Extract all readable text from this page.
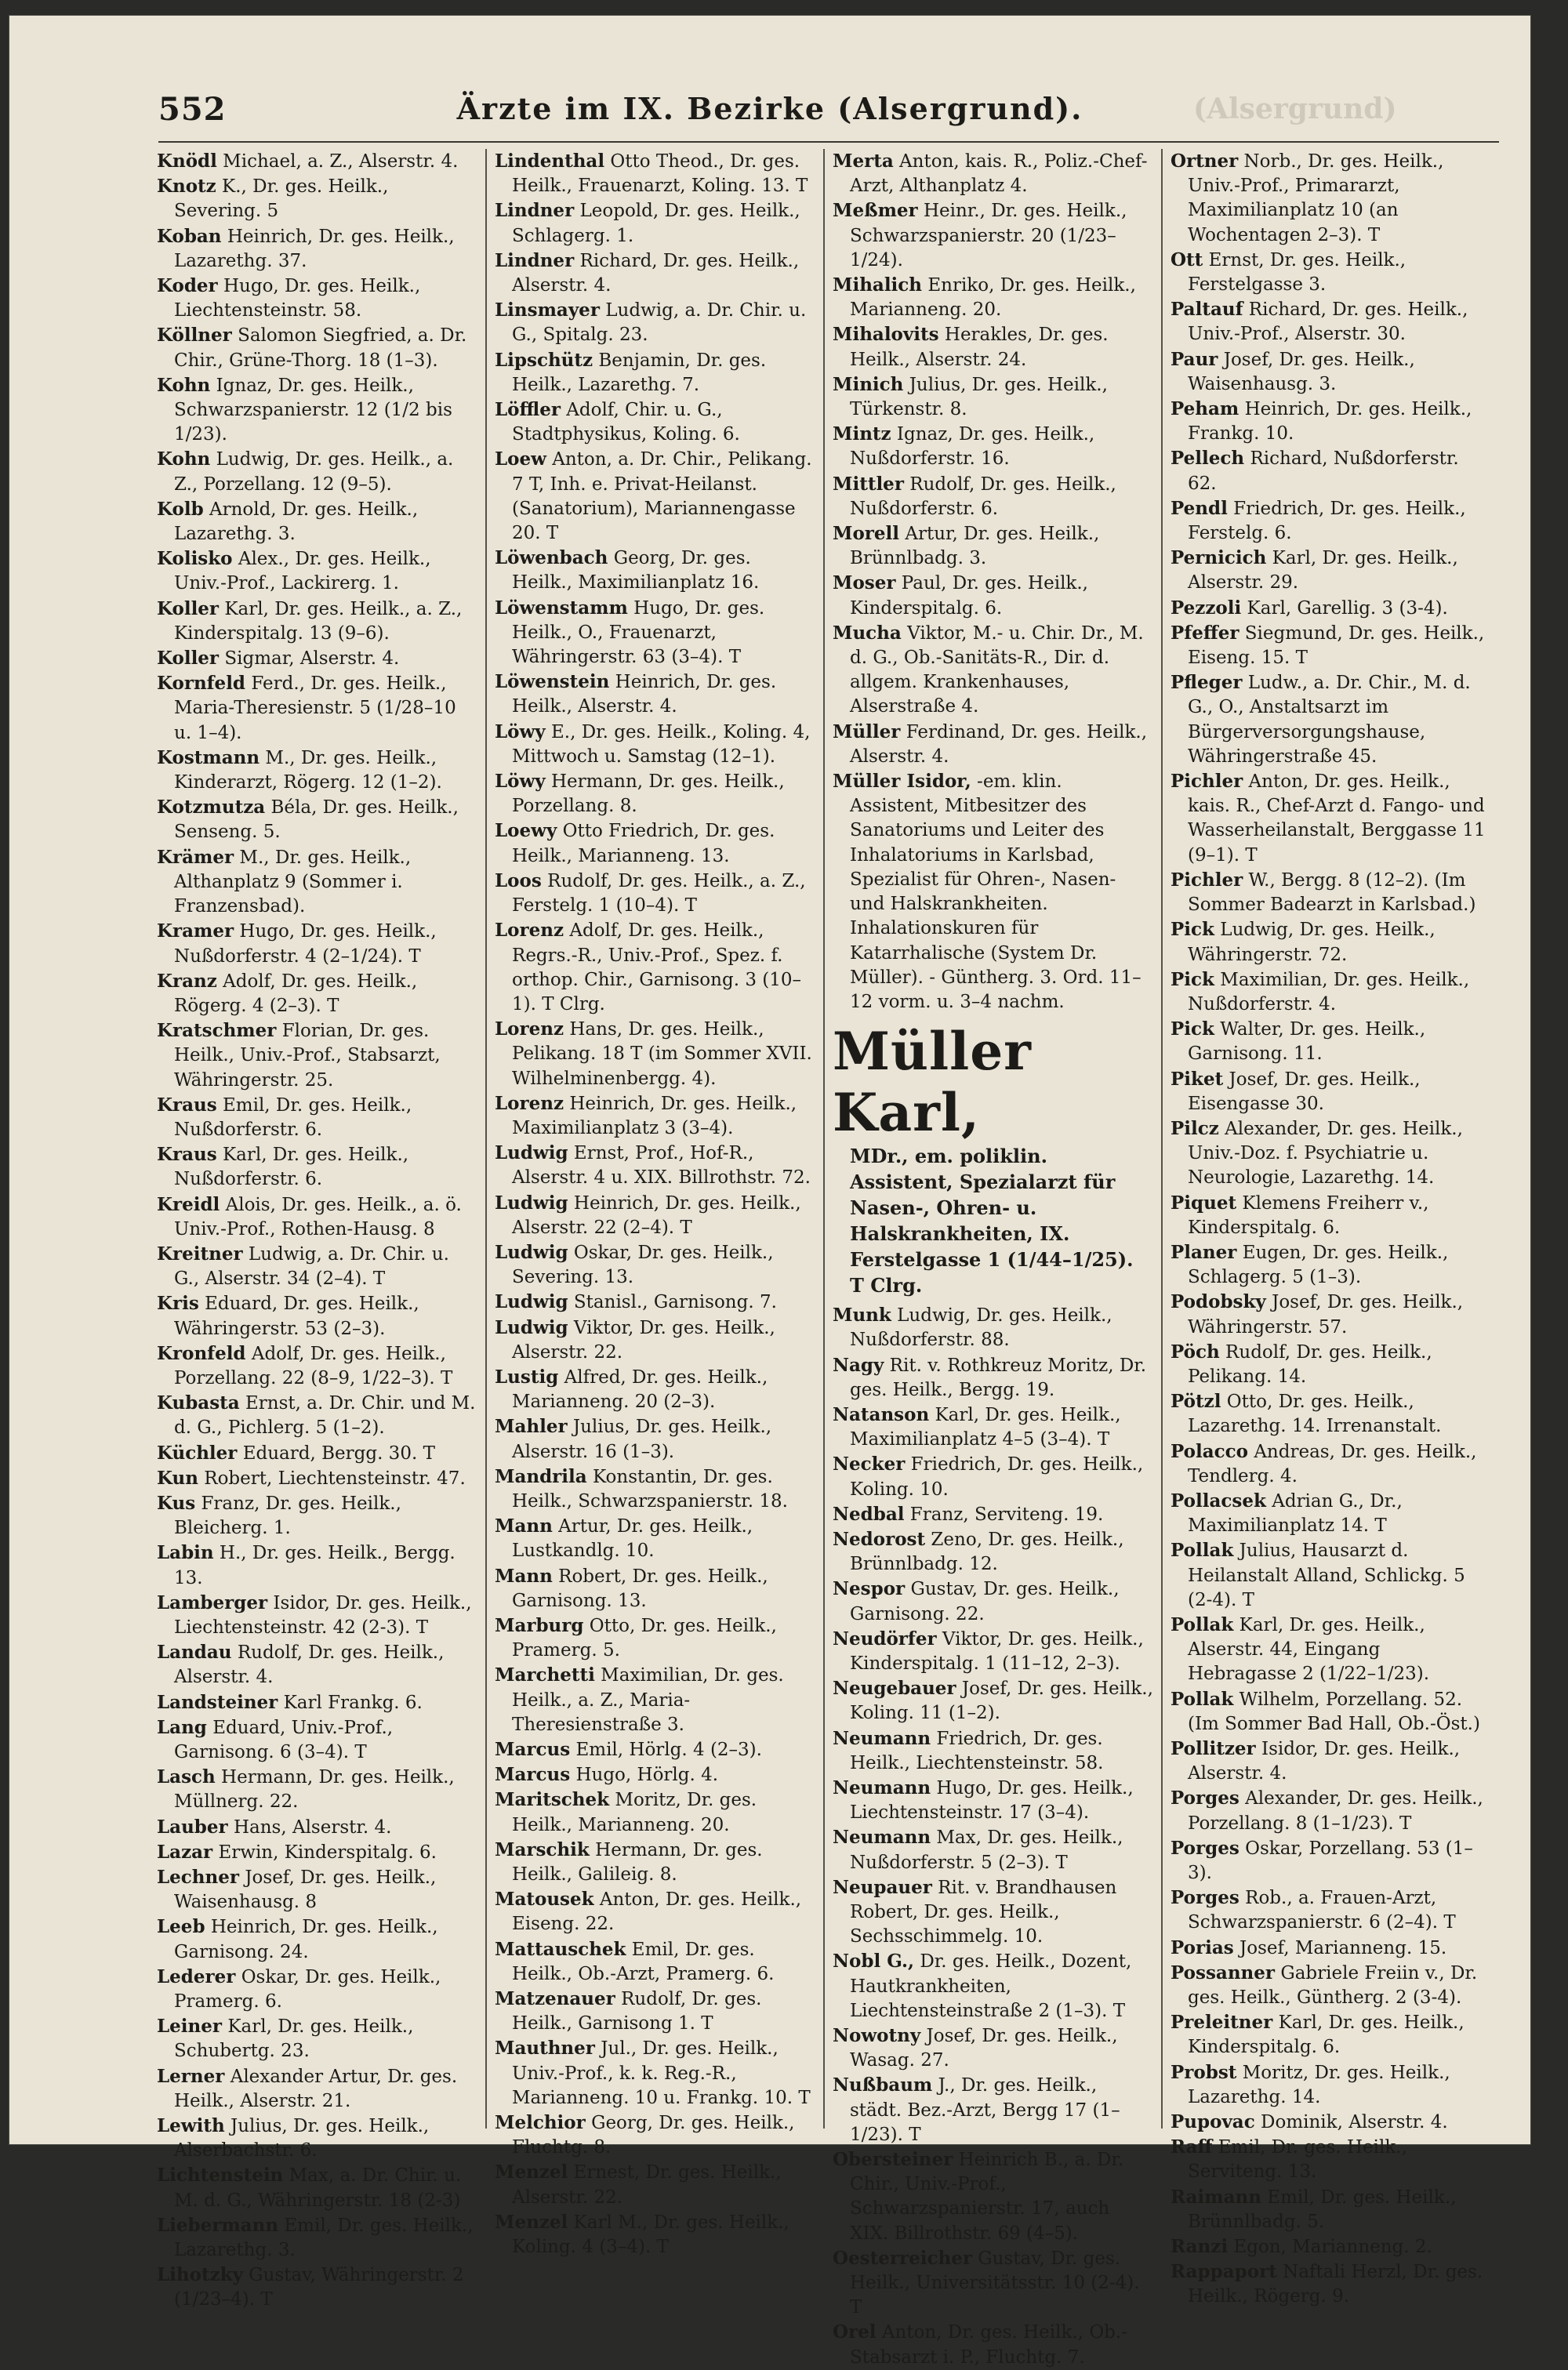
(Alsergrund)
552	Ärzte im IX. Bezirke (Alsergrund).

Knödl Michael, a. Z., Alserstr. 4.

Knotz K., Dr. ges. Heilk., Severing. 5

Koban Heinrich, Dr. ges. Heilk., Lazarethg. 37.

Koder Hugo, Dr. ges. Heilk., Liechtensteinstr. 58.

Köllner Salomon Siegfried, a. Dr. Chir., Grüne-Thorg. 18 (1–3).

Kohn Ignaz, Dr. ges. Heilk., Schwarzspanierstr. 12 (1/2 bis 1/23).

Kohn Ludwig, Dr. ges. Heilk., a. Z., Porzellang. 12 (9–5).

Kolb Arnold, Dr. ges. Heilk., Lazarethg. 3.

Kolisko Alex., Dr. ges. Heilk., Univ.-Prof., Lackirerg. 1.

Koller Karl, Dr. ges. Heilk., a. Z., Kinderspitalg. 13 (9–6).

Koller Sigmar, Alserstr. 4.

Kornfeld Ferd., Dr. ges. Heilk., Maria-Theresienstr. 5 (1/28–10 u. 1–4).

Kostmann M., Dr. ges. Heilk., Kinderarzt, Rögerg. 12 (1–2).

Kotzmutza Béla, Dr. ges. Heilk., Sensеng. 5.

Krämer M., Dr. ges. Heilk., Althanplatz 9 (Sommer i. Franzensbad).

Kramer Hugo, Dr. ges. Heilk., Nußdorferstr. 4 (2–1/24). T

Kranz Adolf, Dr. ges. Heilk., Rögerg. 4 (2–3). T

Kratschmer Florian, Dr. ges. Heilk., Univ.-Prof., Stabsarzt, Währingerstr. 25.

Kraus Emil, Dr. ges. Heilk., Nußdorferstr. 6.

Kraus Karl, Dr. ges. Heilk., Nußdorferstr. 6.

Kreidl Alois, Dr. ges. Heilk., a. ö. Univ.-Prof., Rothen-Hausg. 8

Kreitner Ludwig, a. Dr. Chir. u. G., Alserstr. 34 (2–4). T

Kris Eduard, Dr. ges. Heilk., Währingerstr. 53 (2–3).

Kronfeld Adolf, Dr. ges. Heilk., Porzellang. 22 (8–9, 1/22–3). T

Kubasta Ernst, a. Dr. Chir. und M. d. G., Pichlerg. 5 (1–2).

Küchler Eduard, Bergg. 30. T

Kun Robert, Liechtensteinstr. 47.

Kus Franz, Dr. ges. Heilk., Bleicherg. 1.

Labin H., Dr. ges. Heilk., Bergg. 13.

Lamberger Isidor, Dr. ges. Heilk., Liechtensteinstr. 42 (2-3). T

Landau Rudolf, Dr. ges. Heilk., Alserstr. 4.

Landsteiner Karl Frankg. 6.

Lang Eduard, Univ.-Prof., Garnisong. 6 (3–4). T

Lasch Hermann, Dr. ges. Heilk., Müllnerg. 22.

Lauber Hans, Alserstr. 4.

Lazar Erwin, Kinderspitalg. 6.

Lechner Josef, Dr. ges. Heilk., Waisenhausg. 8

Leeb Heinrich, Dr. ges. Heilk., Garnisong. 24.

Lederer Oskar, Dr. ges. Heilk., Pramerg. 6.

Leiner Karl, Dr. ges. Heilk., Schubertg. 23.

Lerner Alexander Artur, Dr. ges. Heilk., Alserstr. 21.

Lewith Julius, Dr. ges. Heilk., Alserbachstr. 6.

Lichtenstein Max, a. Dr. Chir. u. M. d. G., Währingerstr. 18 (2-3)

Liebermann Emil, Dr. ges. Heilk., Lazarethg. 3.

Lihotzky Gustav, Währingerstr. 2 (1/23–4). T

Lindenthal Otto Theod., Dr. ges. Heilk., Frauenarzt, Koling. 13. T

Lindner Leopold, Dr. ges. Heilk., Schlagerg. 1.

Lindner Richard, Dr. ges. Heilk., Alserstr. 4.

Linsmayer Ludwig, a. Dr. Chir. u. G., Spitalg. 23.

Lipschütz Benjamin, Dr. ges. Heilk., Lazarethg. 7.

Löffler Adolf, Chir. u. G., Stadtphysikus, Koling. 6.

Loew Anton, a. Dr. Chir., Pelikang. 7 T, Inh. e. Privat-Heilanst. (Sanatorium), Mariannengasse 20. T

Löwenbach Georg, Dr. ges. Heilk., Maximilianplatz 16.

Löwenstamm Hugo, Dr. ges. Heilk., O., Frauenarzt, Währingerstr. 63 (3–4). T

Löwenstein Heinrich, Dr. ges. Heilk., Alserstr. 4.

Löwy E., Dr. ges. Heilk., Koling. 4, Mittwoch u. Samstag (12–1).

Löwy Hermann, Dr. ges. Heilk., Porzellang. 8.

Loewy Otto Friedrich, Dr. ges. Heilk., Marianneng. 13.

Loos Rudolf, Dr. ges. Heilk., a. Z., Ferstelg. 1 (10–4). T

Lorenz Adolf, Dr. ges. Heilk., Regrs.-R., Univ.-Prof., Spez. f. orthop. Chir., Garnisong. 3 (10–1). T Clrg.

Lorenz Hans, Dr. ges. Heilk., Pelikang. 18 T (im Sommer XVII. Wilhelminenbergg. 4).

Lorenz Heinrich, Dr. ges. Heilk., Maximilianplatz 3 (3–4).

Ludwig Ernst, Prof., Hof-R., Alserstr. 4 u. XIX. Billrothstr. 72.

Ludwig Heinrich, Dr. ges. Heilk., Alserstr. 22 (2–4). T

Ludwig Oskar, Dr. ges. Heilk., Severing. 13.

Ludwig Stanisl., Garnisong. 7.

Ludwig Viktor, Dr. ges. Heilk., Alserstr. 22.

Lustig Alfred, Dr. ges. Heilk., Marianneng. 20 (2–3).

Mahler Julius, Dr. ges. Heilk., Alserstr. 16 (1–3).

Mandrila Konstantin, Dr. ges. Heilk., Schwarzspanierstr. 18.

Mann Artur, Dr. ges. Heilk., Lustkandlg. 10.

Mann Robert, Dr. ges. Heilk., Garnisong. 13.

Marburg Otto, Dr. ges. Heilk., Pramerg. 5.

Marchetti Maximilian, Dr. ges. Heilk., a. Z., Maria-Theresienstraße 3.

Marcus Emil, Hörlg. 4 (2–3).

Marcus Hugo, Hörlg. 4.

Maritschek Moritz, Dr. ges. Heilk., Marianneng. 20.

Marschik Hermann, Dr. ges. Heilk., Galileig. 8.

Matousek Anton, Dr. ges. Heilk., Eiseng. 22.

Mattauschek Emil, Dr. ges. Heilk., Ob.-Arzt, Pramerg. 6.

Matzenauer Rudolf, Dr. ges. Heilk., Garnisong 1. T

Mauthner Jul., Dr. ges. Heilk., Univ.-Prof., k. k. Reg.-R., Marianneng. 10 u. Frankg. 10. T

Melchior Georg, Dr. ges. Heilk., Fluchtg. 8.

Menzel Ernest, Dr. ges. Heilk., Alserstr. 22.

Menzel Karl M., Dr. ges. Heilk., Koling. 4 (3–4). T

Merta Anton, kais. R., Poliz.-Chef-Arzt, Althanplatz 4.

Meßmer Heinr., Dr. ges. Heilk., Schwarzspanierstr. 20 (1/23–1/24).

Mihalich Enriko, Dr. ges. Heilk., Marianneng. 20.

Mihalovits Herakles, Dr. ges. Heilk., Alserstr. 24.

Minich Julius, Dr. ges. Heilk., Türkenstr. 8.

Mintz Ignaz, Dr. ges. Heilk., Nußdorferstr. 16.

Mittler Rudolf, Dr. ges. Heilk., Nußdorferstr. 6.

Morell Artur, Dr. ges. Heilk., Brünnlbadg. 3.

Moser Paul, Dr. ges. Heilk., Kinderspitalg. 6.

Mucha Viktor, M.- u. Chir. Dr., M. d. G., Ob.-Sanitäts-R., Dir. d. allgem. Krankenhauses, Alserstraße 4.

Müller Ferdinand, Dr. ges. Heilk., Alserstr. 4.

Müller Isidor, -em. klin. Assistent, Mitbesitzer des Sanatoriums und Leiter des Inhalatoriums in Karlsbad, Spezialist für Ohren-, Nasen- und Halskrankheiten. Inhalationskuren für Katarrhalische (System Dr. Müller). - Güntherg. 3. Ord. 11–12 vorm. u. 3–4 nachm.

Müller Karl,
MDr., em. poliklin. Assistent, Spezialarzt für Nasen-, Ohren- u. Halskrankheiten, IX. Ferstelgasse 1 (1/44–1/25). T Clrg.

Munk Ludwig, Dr. ges. Heilk., Nußdorferstr. 88.

Nagy Rit. v. Rothkreuz Moritz, Dr. ges. Heilk., Bergg. 19.

Natanson Karl, Dr. ges. Heilk., Maximilianplatz 4–5 (3–4). T

Necker Friedrich, Dr. ges. Heilk., Koling. 10.

Nedbal Franz, Serviteng. 19.

Nedorost Zeno, Dr. ges. Heilk., Brünnlbadg. 12.

Nespor Gustav, Dr. ges. Heilk., Garnisong. 22.

Neudörfer Viktor, Dr. ges. Heilk., Kinderspitalg. 1 (11–12, 2–3).

Neugebauer Josef, Dr. ges. Heilk., Koling. 11 (1–2).

Neumann Friedrich, Dr. ges. Heilk., Liechtensteinstr. 58.

Neumann Hugo, Dr. ges. Heilk., Liechtensteinstr. 17 (3–4).

Neumann Max, Dr. ges. Heilk., Nußdorferstr. 5 (2–3). T

Neupauer Rit. v. Brandhausen Robert, Dr. ges. Heilk., Sechsschimmelg. 10.

Nobl G., Dr. ges. Heilk., Dozent, Hautkrankheiten, Liechtensteinstraße 2 (1–3). T

Nowotny Josef, Dr. ges. Heilk., Wasag. 27.

Nußbaum J., Dr. ges. Heilk., städt. Bez.-Arzt, Bergg 17 (1–1/23). T

Obersteiner Heinrich B., a. Dr. Chir., Univ.-Prof., Schwarzspanierstr. 17, auch XIX. Billrothstr. 69 (4–5).

Oesterreicher Gustav, Dr. ges. Heilk., Universitätsstr. 10 (2-4). T

Orel Anton, Dr. ges. Heilk., Ob.-Stabsarzt i. P., Fluchtg. 7.

Ortner Norb., Dr. ges. Heilk., Univ.-Prof., Primararzt, Maximilianplatz 10 (an Wochentagen 2–3). T

Ott Ernst, Dr. ges. Heilk., Ferstelgasse 3.

Paltauf Richard, Dr. ges. Heilk., Univ.-Prof., Alserstr. 30.

Paur Josef, Dr. ges. Heilk., Waisenhausg. 3.

Peham Heinrich, Dr. ges. Heilk., Frankg. 10.

Pellech Richard, Nußdorferstr. 62.

Pendl Friedrich, Dr. ges. Heilk., Ferstelg. 6.

Pernicich Karl, Dr. ges. Heilk., Alserstr. 29.

Pezzoli Karl, Garellig. 3 (3-4).

Pfeffer Siegmund, Dr. ges. Heilk., Eiseng. 15. T

Pfleger Ludw., a. Dr. Chir., M. d. G., O., Anstaltsarzt im Bürgerversorgungshause, Währingerstraße 45.

Pichler Anton, Dr. ges. Heilk., kais. R., Chef-Arzt d. Fango- und Wasserheilanstalt, Berggasse 11 (9–1). T

Pichler W., Bergg. 8 (12–2). (Im Sommer Badearzt in Karlsbad.)

Pick Ludwig, Dr. ges. Heilk., Währingerstr. 72.

Pick Maximilian, Dr. ges. Heilk., Nußdorferstr. 4.

Pick Walter, Dr. ges. Heilk., Garnisong. 11.

Piket Josef, Dr. ges. Heilk., Eisengasse 30.

Pilcz Alexander, Dr. ges. Heilk., Univ.-Doz. f. Psychiatrie u. Neurologie, Lazarethg. 14.

Piquet Klemens Freiherr v., Kinderspitalg. 6.

Planer Eugen, Dr. ges. Heilk., Schlagerg. 5 (1–3).

Podobsky Josef, Dr. ges. Heilk., Währingerstr. 57.

Pöch Rudolf, Dr. ges. Heilk., Pelikang. 14.

Pötzl Otto, Dr. ges. Heilk., Lazarethg. 14. Irrenanstalt.

Polacco Andreas, Dr. ges. Heilk., Tendlerg. 4.

Pollacsek Adrian G., Dr., Maximilianplatz 14. T

Pollak Julius, Hausarzt d. Heilanstalt Alland, Schlickg. 5 (2-4). T

Pollak Karl, Dr. ges. Heilk., Alserstr. 44, Eingang Hebragasse 2 (1/22–1/23).

Pollak Wilhelm, Porzellang. 52. (Im Sommer Bad Hall, Ob.-Öst.)

Pollitzer Isidor, Dr. ges. Heilk., Alserstr. 4.

Porges Alexander, Dr. ges. Heilk., Porzellang. 8 (1–1/23). T

Porges Oskar, Porzellang. 53 (1–3).

Porges Rob., a. Frauen-Arzt, Schwarzspanierstr. 6 (2–4). T

Porias Josef, Marianneng. 15.

Possanner Gabriele Freiin v., Dr. ges. Heilk., Güntherg. 2 (3-4).

Preleitner Karl, Dr. ges. Heilk., Kinderspitalg. 6.

Probst Moritz, Dr. ges. Heilk., Lazarethg. 14.

Pupovac Dominik, Alserstr. 4.

Raff Emil, Dr. ges. Heilk., Serviteng. 13.

Raimann Emil, Dr. ges. Heilk., Brünnlbadg. 5.

Ranzi Egon, Marianneng. 2.

Rappaport Naftali Herzl, Dr. ges. Heilk., Rögerg. 9.
